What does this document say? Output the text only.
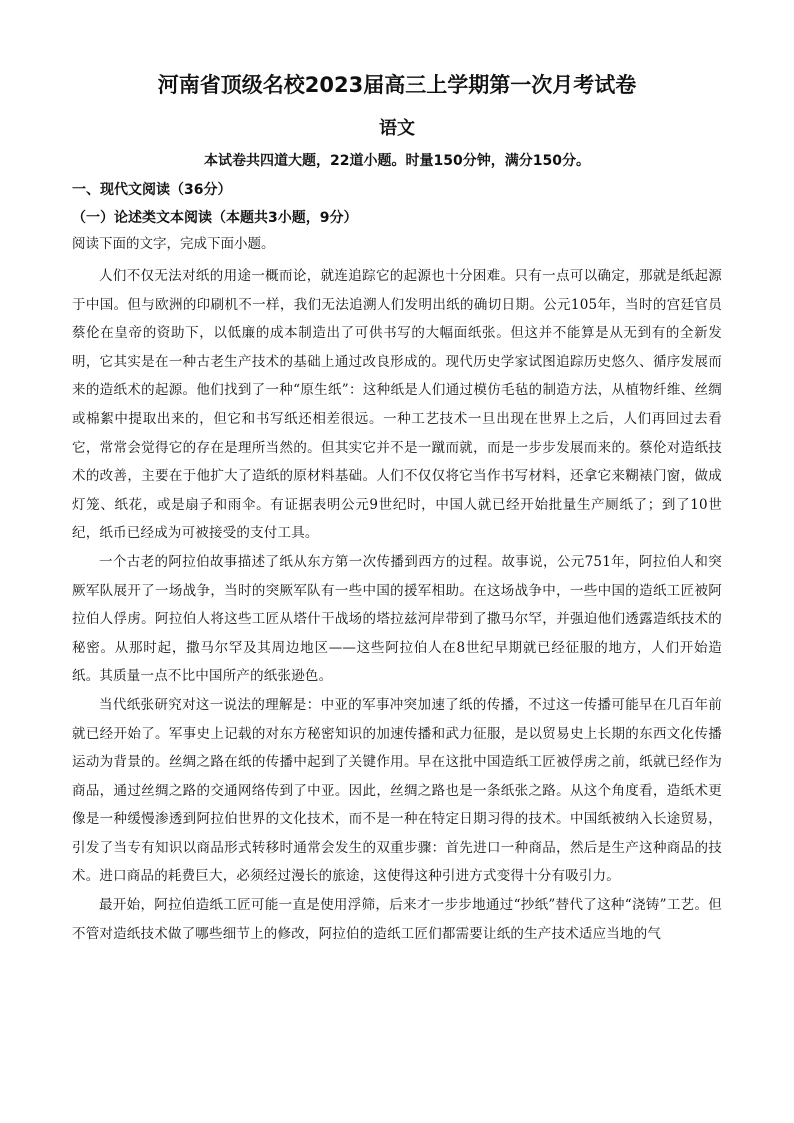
河南省顶级名校2023届高三上学期第一次月考试卷
语文

本试卷共四道大题，22道小题。时量150分钟，满分150分。

一、现代文阅读（36分）

（一）论述类文本阅读（本题共3小题，9分）

阅读下面的文字，完成下面小题。

人们不仅无法对纸的用途一概而论，就连追踪它的起源也十分困难。只有一点可以确定，那就是纸起源于中国。但与欧洲的印刷机不一样，我们无法追溯人们发明出纸的确切日期。公元105年，当时的宫廷官员蔡伦在皇帝的资助下，以低廉的成本制造出了可供书写的大幅面纸张。但这并不能算是从无到有的全新发明，它其实是在一种古老生产技术的基础上通过改良形成的。现代历史学家试图追踪历史悠久、循序发展而来的造纸术的起源。他们找到了一种“原生纸”：这种纸是人们通过模仿毛毡的制造方法，从植物纤维、丝绸或棉絮中提取出来的，但它和书写纸还相差很远。一种工艺技术一旦出现在世界上之后，人们再回过去看它，常常会觉得它的存在是理所当然的。但其实它并不是一蹴而就，而是一步步发展而来的。蔡伦对造纸技术的改善，主要在于他扩大了造纸的原材料基础。人们不仅仅将它当作书写材料，还拿它来糊裱门窗，做成灯笼、纸花，或是扇子和雨伞。有证据表明公元9世纪时，中国人就已经开始批量生产厕纸了；到了10世纪，纸币已经成为可被接受的支付工具。

一个古老的阿拉伯故事描述了纸从东方第一次传播到西方的过程。故事说，公元751年，阿拉伯人和突厥军队展开了一场战争，当时的突厥军队有一些中国的援军相助。在这场战争中，一些中国的造纸工匠被阿拉伯人俘虏。阿拉伯人将这些工匠从塔什干战场的塔拉兹河岸带到了撒马尔罕，并强迫他们透露造纸技术的秘密。从那时起，撒马尔罕及其周边地区——这些阿拉伯人在8世纪早期就已经征服的地方，人们开始造纸。其质量一点不比中国所产的纸张逊色。

当代纸张研究对这一说法的理解是：中亚的军事冲突加速了纸的传播，不过这一传播可能早在几百年前就已经开始了。军事史上记载的对东方秘密知识的加速传播和武力征服，是以贸易史上长期的东西文化传播运动为背景的。丝绸之路在纸的传播中起到了关键作用。早在这批中国造纸工匠被俘虏之前，纸就已经作为商品，通过丝绸之路的交通网络传到了中亚。因此，丝绸之路也是一条纸张之路。从这个角度看，造纸术更像是一种缓慢渗透到阿拉伯世界的文化技术，而不是一种在特定日期习得的技术。中国纸被纳入长途贸易，引发了当专有知识以商品形式转移时通常会发生的双重步骤：首先进口一种商品，然后是生产这种商品的技术。进口商品的耗费巨大，必须经过漫长的旅途，这使得这种引进方式变得十分有吸引力。

最开始，阿拉伯造纸工匠可能一直是使用浮筛，后来才一步步地通过“抄纸”替代了这种“浇铸”工艺。但不管对造纸技术做了哪些细节上的修改，阿拉伯的造纸工匠们都需要让纸的生产技术适应当地的气
